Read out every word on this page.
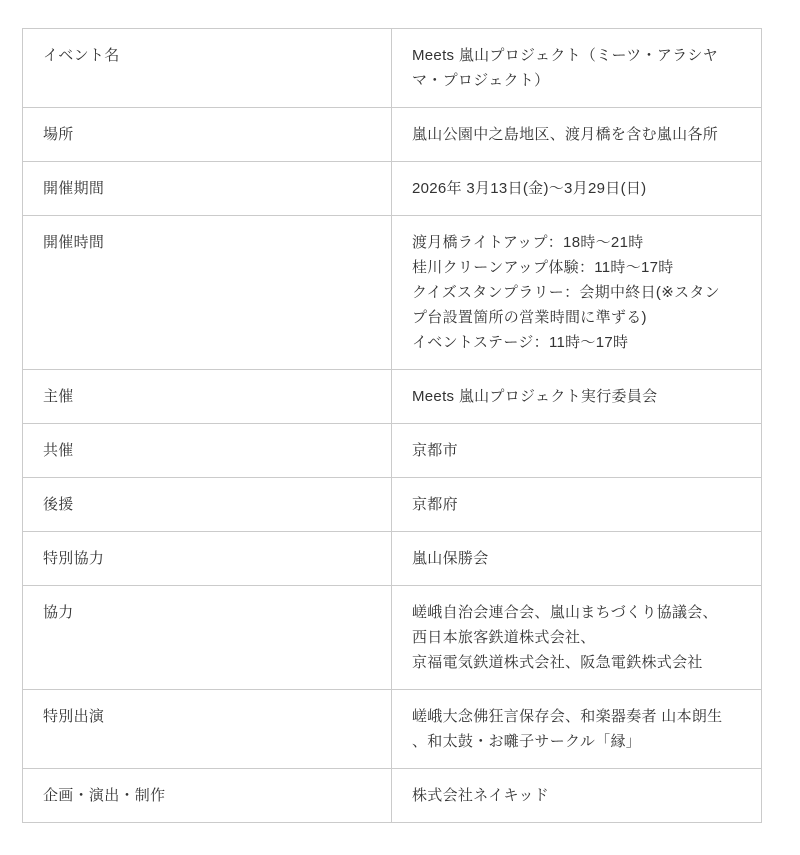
イベント名	Meets 嵐山プロジェクト（ミーツ・アラシヤ
マ・プロジェクト）

場所	嵐山公園中之島地区、渡月橋を含む嵐山各所

開催期間	2026年 3月13日(金)〜3月29日(日)

開催時間	渡月橋ライトアップ：18時〜21時
桂川クリーンアップ体験：11時〜17時
クイズスタンプラリー：会期中終日(※スタン
プ台設置箇所の営業時間に準ずる)
イベントステージ：11時〜17時

主催	Meets 嵐山プロジェクト実行委員会

共催	京都市

後援	京都府

特別協力	嵐山保勝会

協力	嵯峨自治会連合会、嵐山まちづくり協議会、
西日本旅客鉄道株式会社、
京福電気鉄道株式会社、阪急電鉄株式会社

特別出演	嵯峨大念佛狂言保存会、和楽器奏者 山本朗生
、和太鼓・お囃子サークル「縁」

企画・演出・制作	株式会社ネイキッド
